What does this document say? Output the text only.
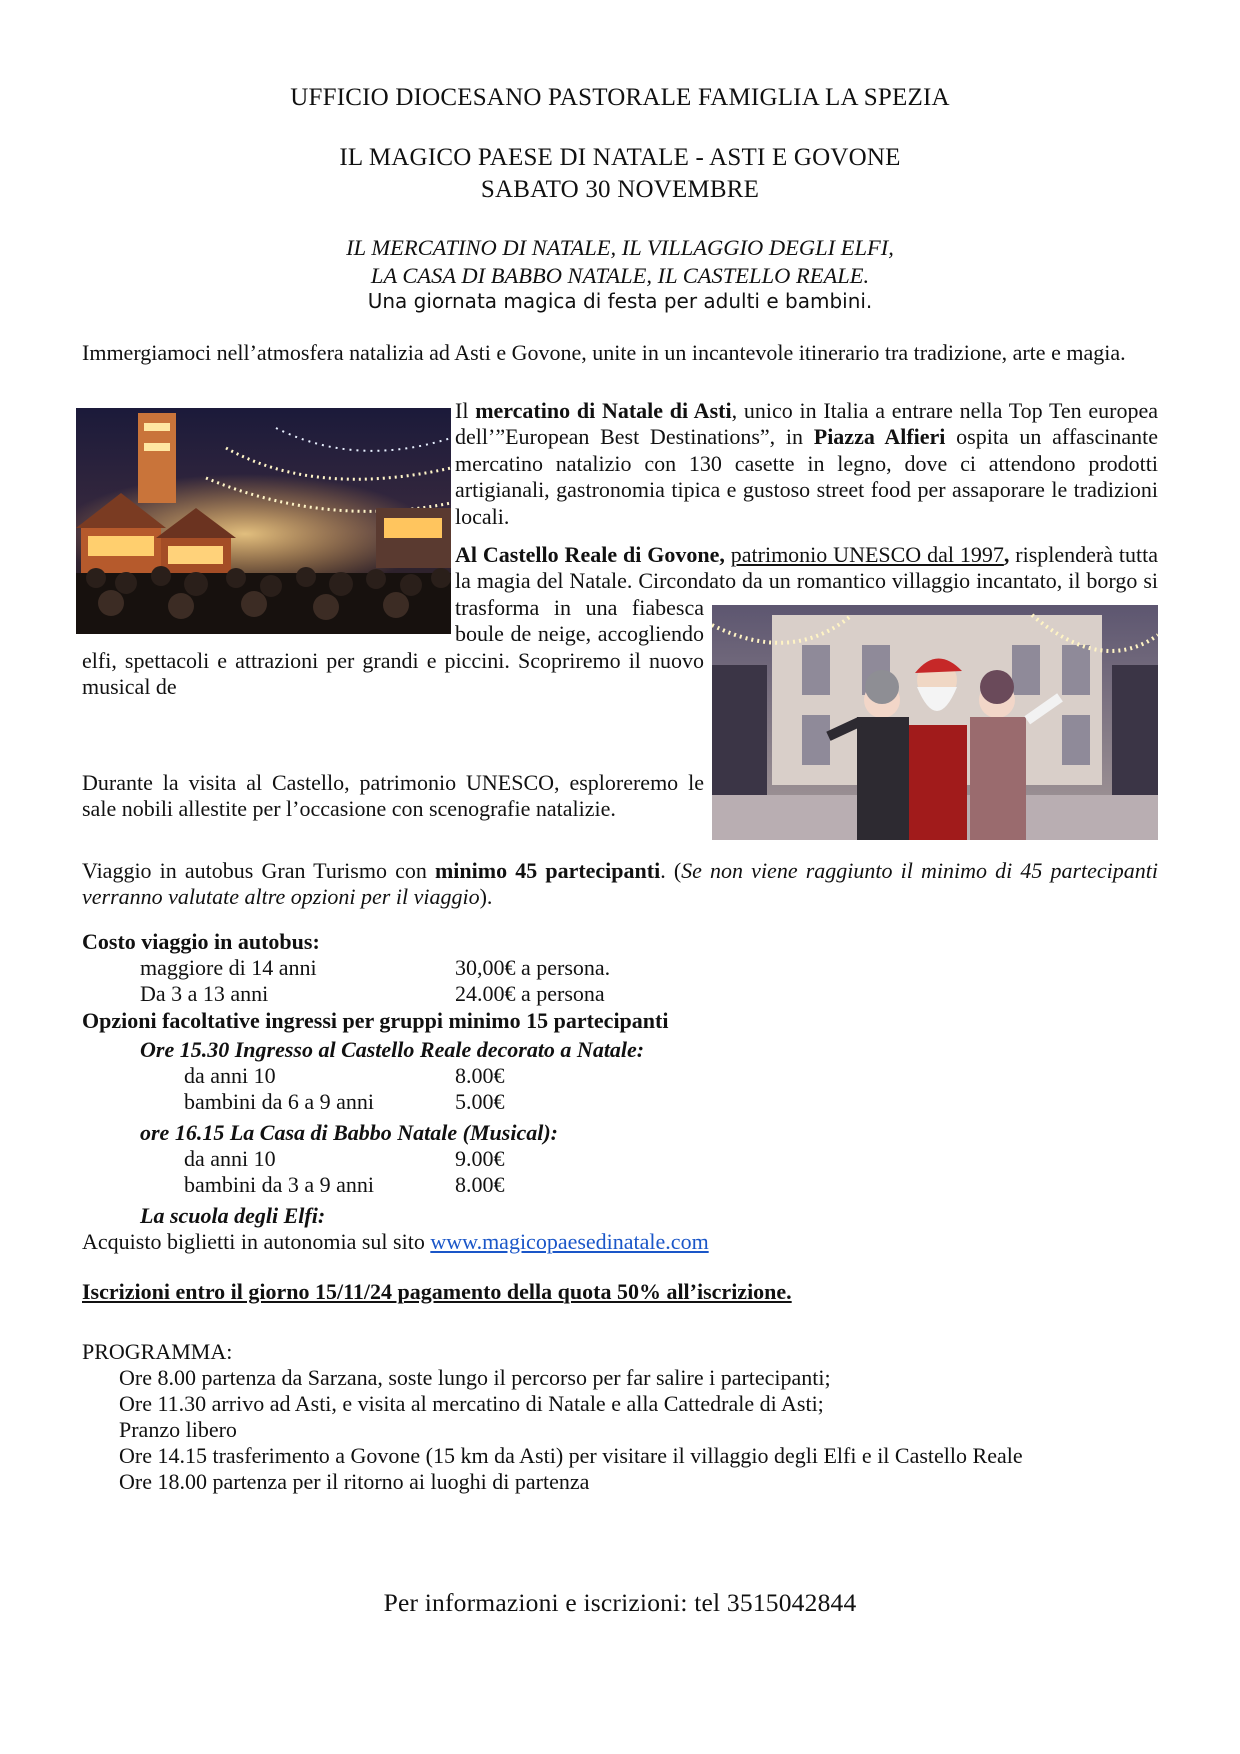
UFFICIO DIOCESANO PASTORALE FAMIGLIA LA SPEZIA
IL MAGICO PAESE DI NATALE - ASTI E GOVONE
SABATO 30 NOVEMBRE
IL MERCATINO DI NATALE, IL VILLAGGIO DEGLI ELFI,
LA CASA DI BABBO NATALE, IL CASTELLO REALE.
Una giornata magica di festa per adulti e bambini.

Immergiamoci nell’atmosfera natalizia ad Asti e Govone, unite in un incantevole itinerario tra tradizione, arte e magia.

Il mercatino di Natale di Asti, unico in Italia a entrare nella Top Ten europea dell’”European Best Destinations”, in Piazza Alfieri ospita un affascinante mercatino natalizio con 130 casette in legno, dove ci attendono prodotti artigianali, gastronomia tipica e gustoso street food per assaporare le tradizioni locali.

Al Castello Reale di Govone, patrimonio UNESCO dal 1997, risplenderà tutta la magia del Natale. Circondato da un romantico villaggio incantato, il borgo si trasforma in una fiabesca boule de neige, accogliendo elfi, spettacoli e attrazioni per grandi e piccini. Scopriremo il nuovo musical de

Durante la visita al Castello, patrimonio UNESCO, esploreremo le sale nobili allestite per l’occasione con scenografie natalizie.

Viaggio in autobus Gran Turismo con minimo 45 partecipanti. (Se non viene raggiunto il minimo di 45 partecipanti verranno valutate altre opzioni per il viaggio).

Costo viaggio in autobus:
maggiore di 14 anni	30,00€ a persona.
Da 3 a 13 anni	24.00€ a persona
Opzioni facoltative ingressi per gruppi minimo 15 partecipanti
Ore 15.30 Ingresso al Castello Reale decorato a Natale:
da anni 10	8.00€
bambini da 6 a 9 anni	5.00€
ore 16.15 La Casa di Babbo Natale (Musical):
da anni 10	9.00€
bambini da 3 a 9 anni	8.00€
La scuola degli Elfi:
Acquisto biglietti in autonomia sul sito www.magicopaesedinatale.com
Iscrizioni entro il giorno 15/11/24 pagamento della quota 50% all’iscrizione.
PROGRAMMA:
Ore 8.00 partenza da Sarzana, soste lungo il percorso per far salire i partecipanti;
Ore 11.30 arrivo ad Asti, e visita al mercatino di Natale e alla Cattedrale di Asti;
Pranzo libero
Ore 14.15 trasferimento a Govone (15 km da Asti) per visitare il villaggio degli Elfi e il Castello Reale
Ore 18.00 partenza per il ritorno ai luoghi di partenza
Per informazioni e iscrizioni: tel 3515042844
